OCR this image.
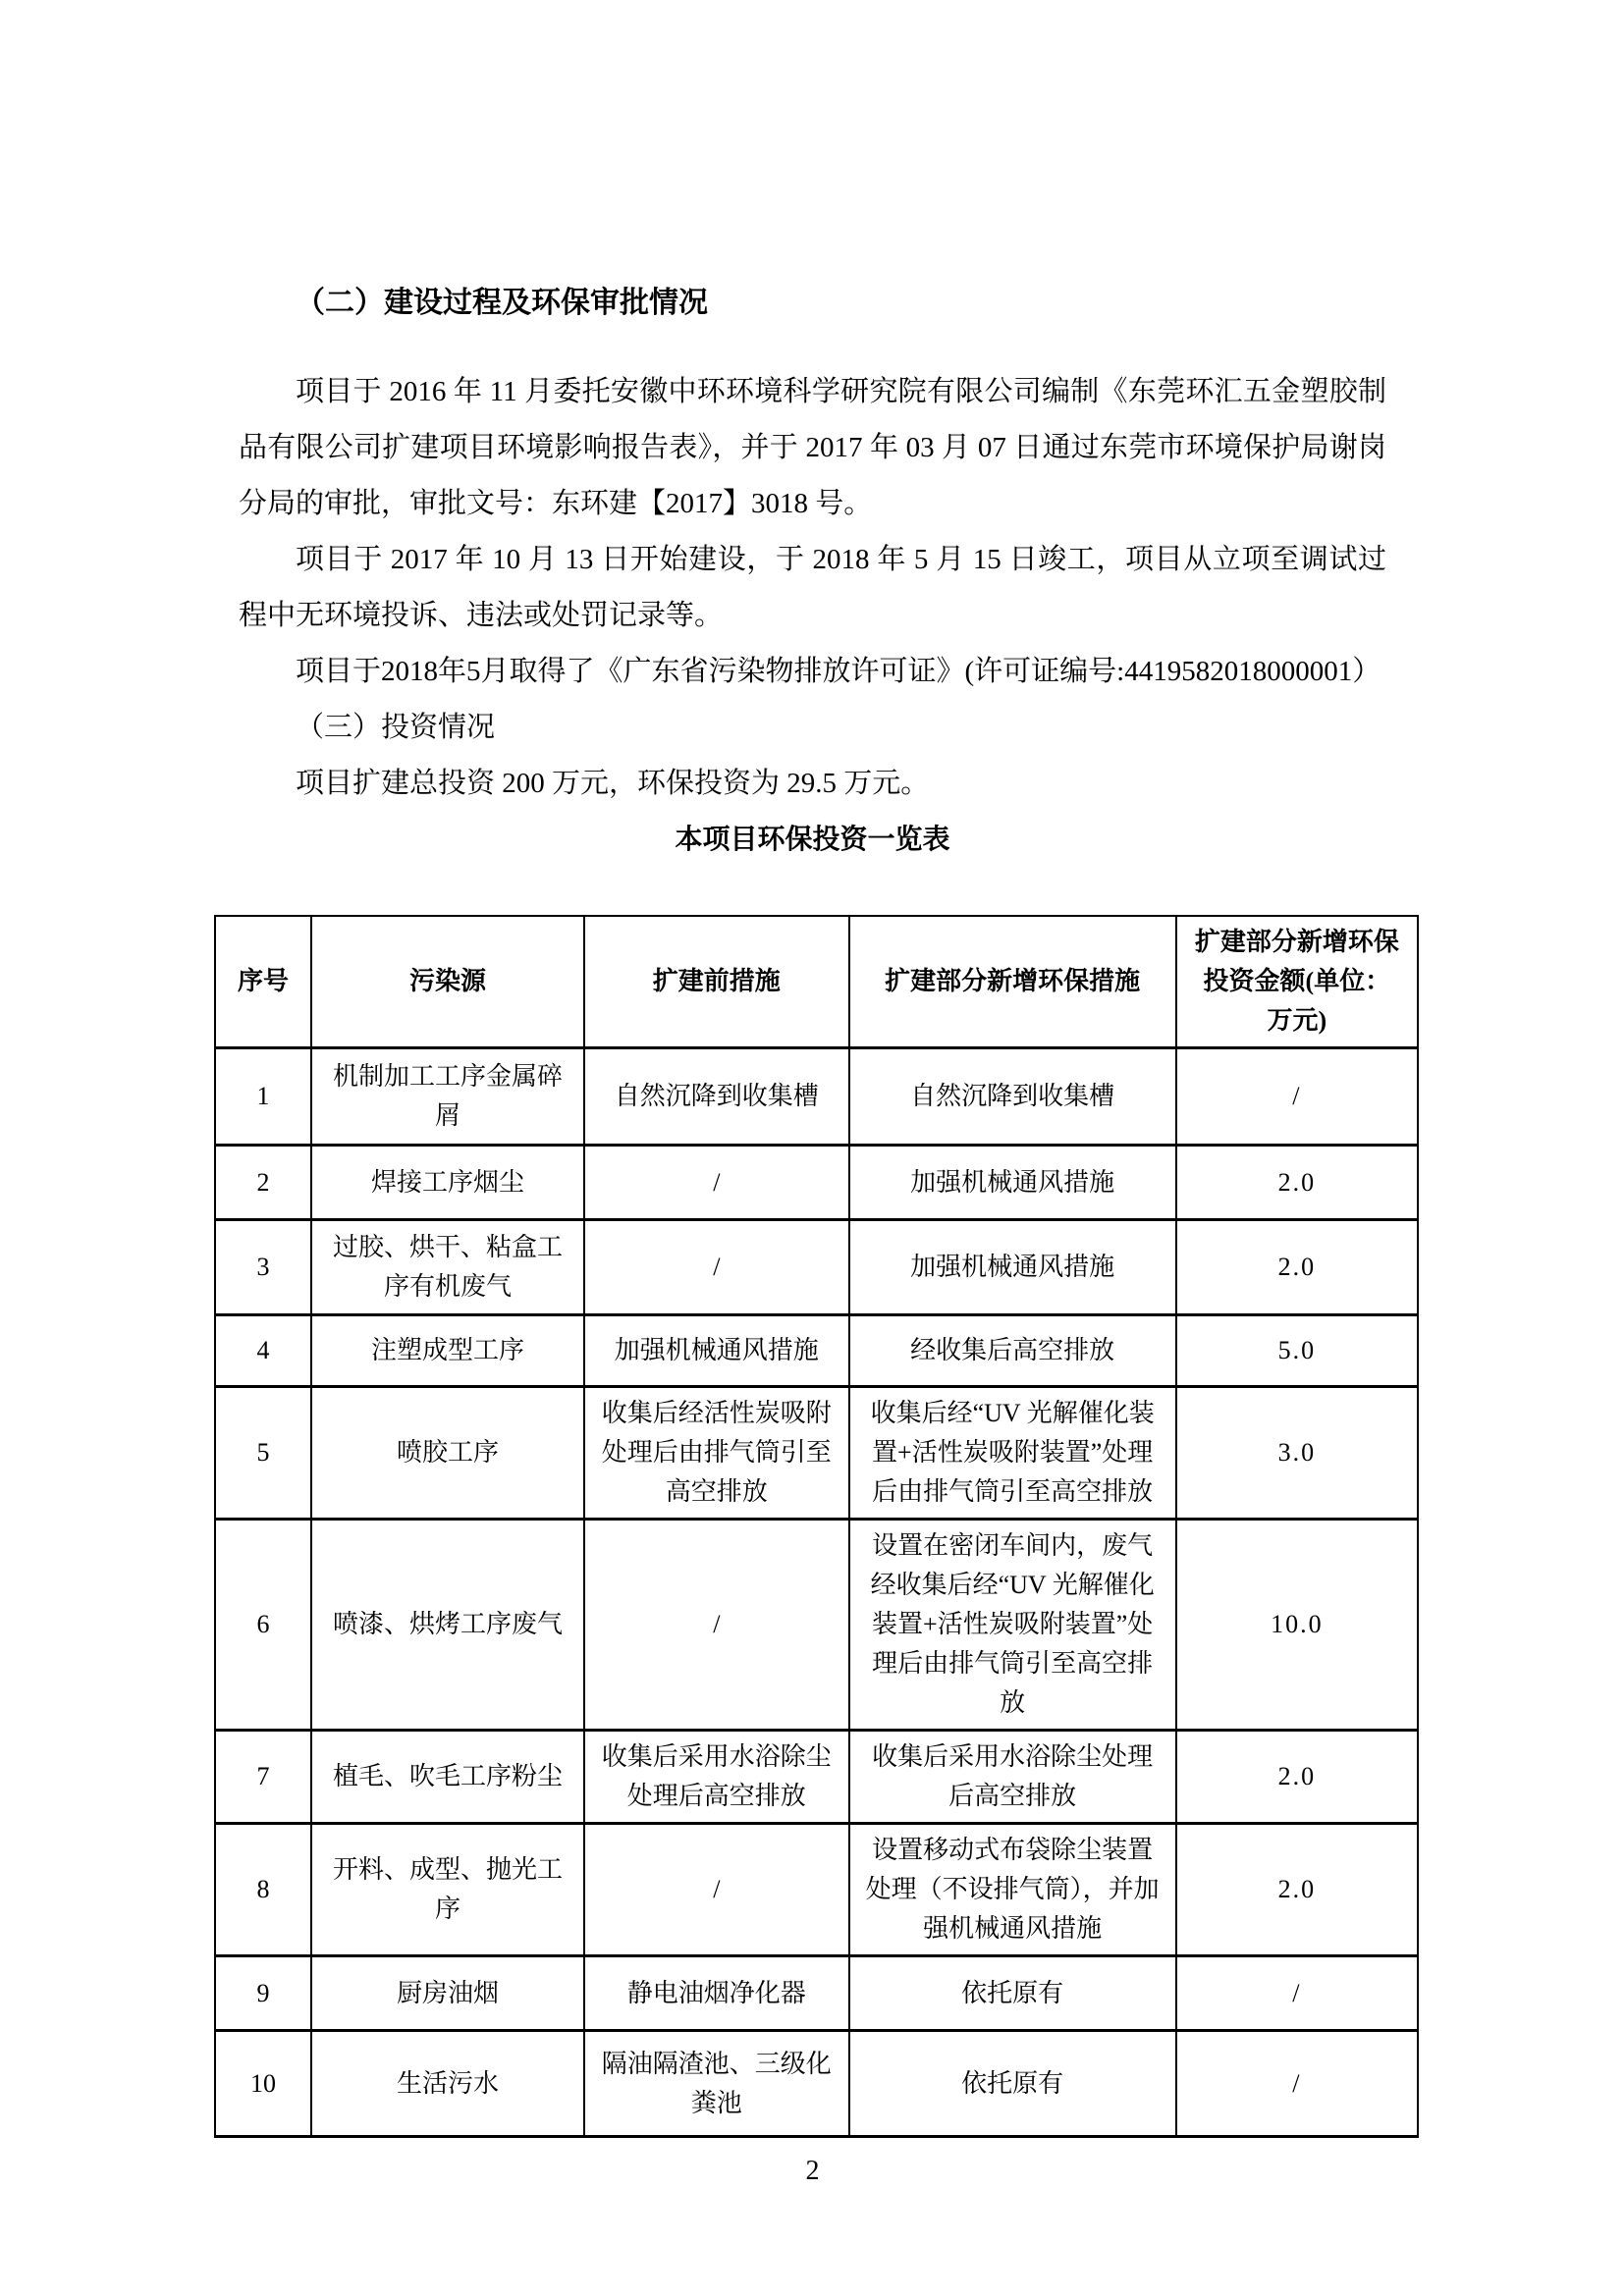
（二）建设过程及环保审批情况

项目于 2016 年 11 月委托安徽中环环境科学研究院有限公司编制《东莞环汇五金塑胶制品有限公司扩建项目环境影响报告表》，并于 2017 年 03 月 07 日通过东莞市环境保护局谢岗分局的审批，审批文号：东环建【2017】3018 号。

项目于 2017 年 10 月 13 日开始建设，于 2018 年 5 月 15 日竣工，项目从立项至调试过程中无环境投诉、违法或处罚记录等。

项目于2018年5月取得了《广东省污染物排放许可证》(许可证编号:4419582018000001）

（三）投资情况

项目扩建总投资 200 万元，环保投资为 29.5 万元。

本项目环保投资一览表
序号	污染源	扩建前措施	扩建部分新增环保措施	扩建部分新增环保投资金额(单位：万元)
1	机制加工工序金属碎屑	自然沉降到收集槽	自然沉降到收集槽	/
2	焊接工序烟尘	/	加强机械通风措施	2.0
3	过胶、烘干、粘盒工序有机废气	/	加强机械通风措施	2.0
4	注塑成型工序	加强机械通风措施	经收集后高空排放	5.0
5	喷胶工序	收集后经活性炭吸附处理后由排气筒引至高空排放	收集后经“UV 光解催化装置+活性炭吸附装置”处理后由排气筒引至高空排放	3.0
6	喷漆、烘烤工序废气	/	设置在密闭车间内，废气经收集后经“UV 光解催化装置+活性炭吸附装置”处理后由排气筒引至高空排放	10.0
7	植毛、吹毛工序粉尘	收集后采用水浴除尘处理后高空排放	收集后采用水浴除尘处理后高空排放	2.0
8	开料、成型、抛光工序	/	设置移动式布袋除尘装置处理（不设排气筒），并加强机械通风措施	2.0
9	厨房油烟	静电油烟净化器	依托原有	/
10	生活污水	隔油隔渣池、三级化粪池	依托原有	/
2
